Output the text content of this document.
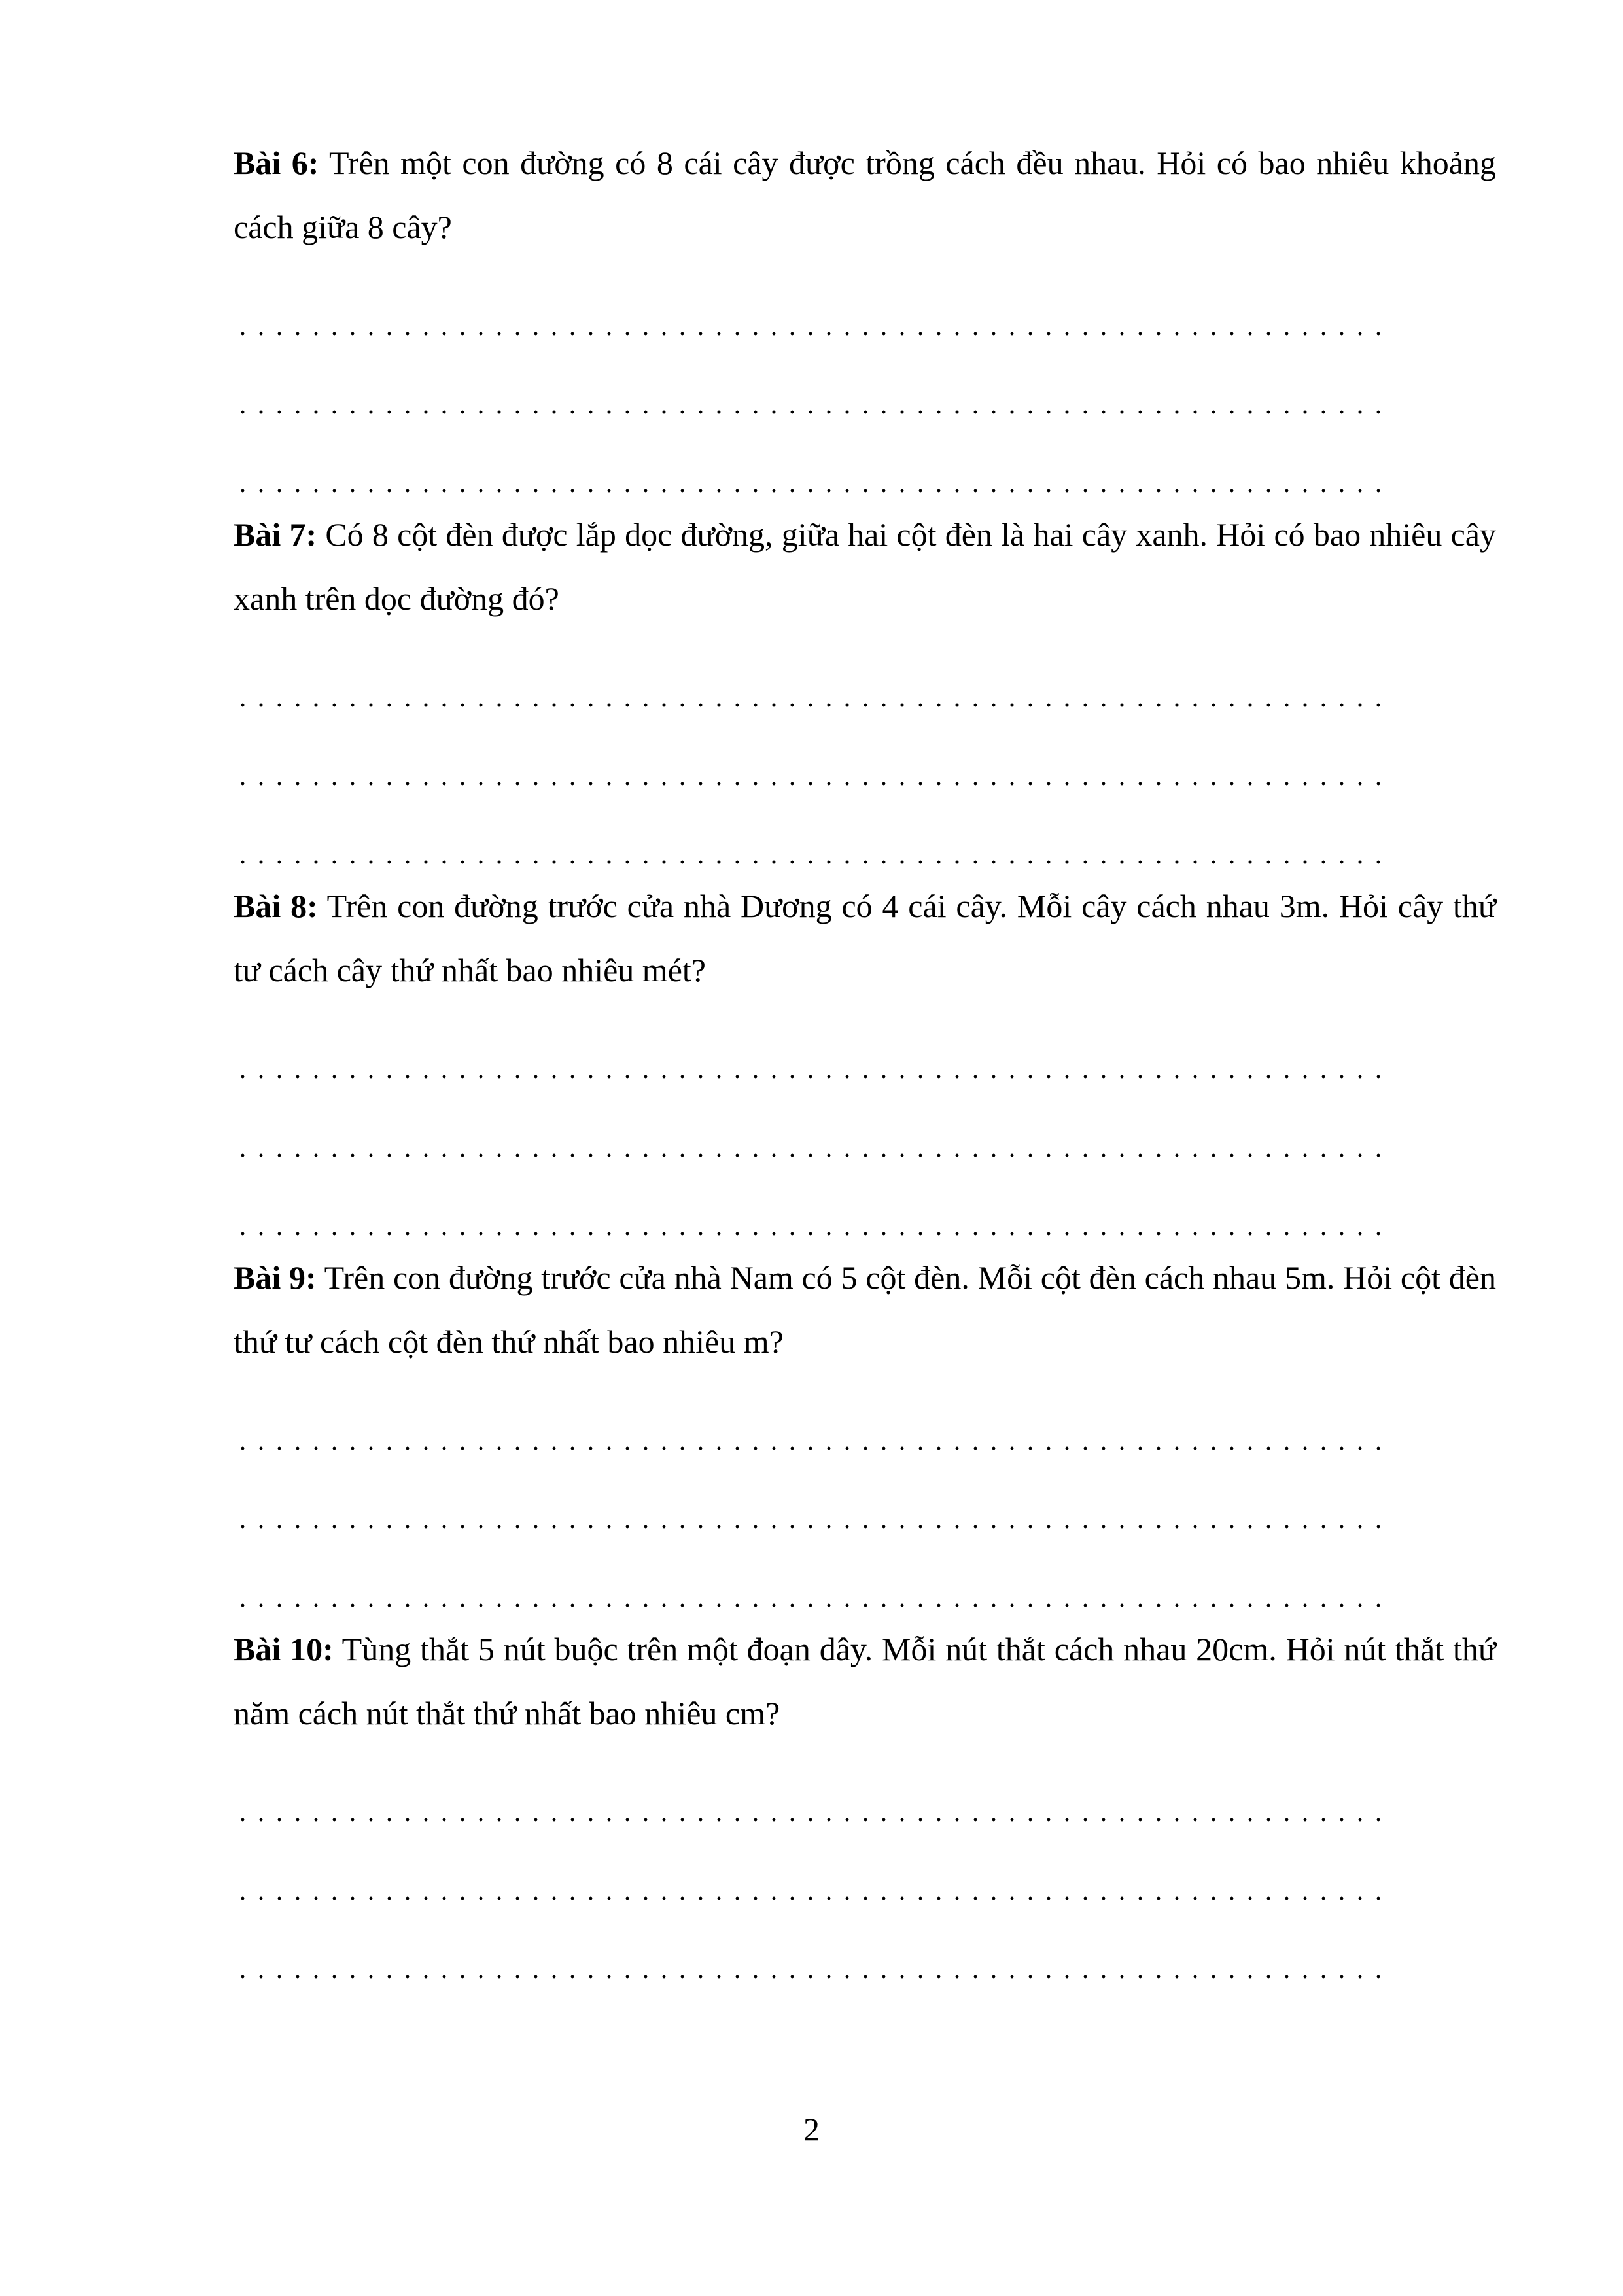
Bài 6: Trên một con đường có 8 cái cây được trồng cách đều nhau. Hỏi có bao nhiêu khoảng cách giữa 8 cây?

Bài 7: Có 8 cột đèn được lắp dọc đường, giữa hai cột đèn là hai cây xanh. Hỏi có bao nhiêu cây xanh trên dọc đường đó?

Bài 8: Trên con đường trước cửa nhà Dương có 4 cái cây. Mỗi cây cách nhau 3m. Hỏi cây thứ tư cách cây thứ nhất bao nhiêu mét?

Bài 9: Trên con đường trước cửa nhà Nam có 5 cột đèn. Mỗi cột đèn cách nhau 5m. Hỏi cột đèn thứ tư cách cột đèn thứ nhất bao nhiêu m?

Bài 10: Tùng thắt 5 nút buộc trên một đoạn dây. Mỗi nút thắt cách nhau 20cm. Hỏi nút thắt thứ năm cách nút thắt thứ nhất bao nhiêu cm?

2
